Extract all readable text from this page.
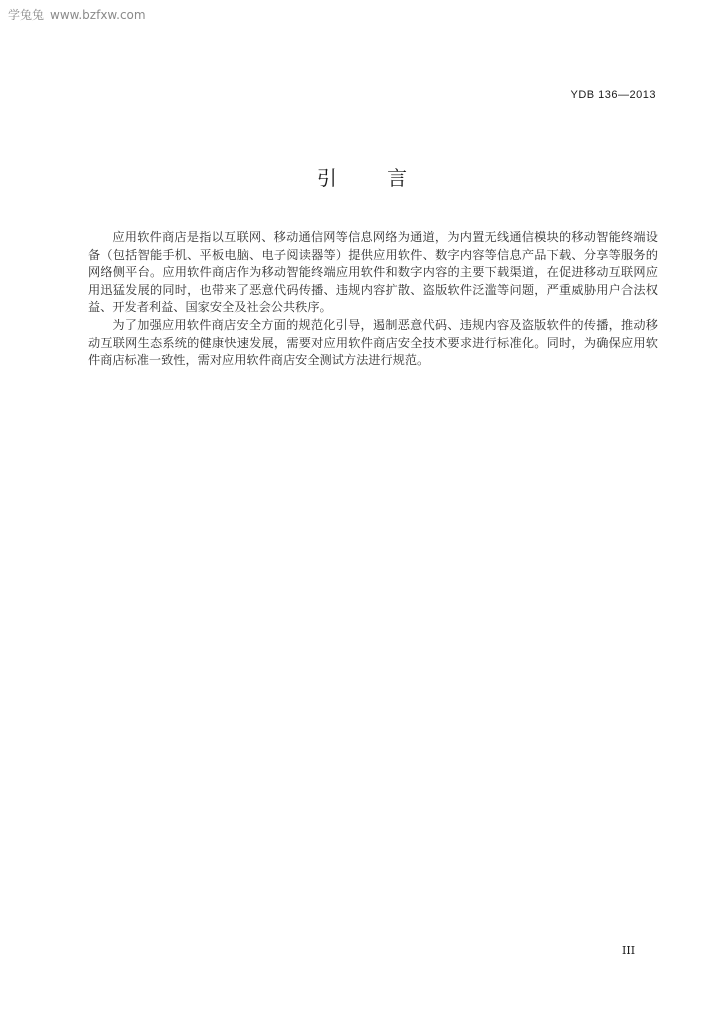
学兔兔 www.bzfxw.com
YDB 136—2013
引 言

应用软件商店是指以互联网、移动通信网等信息网络为通道，为内置无线通信模块的移动智能终端设备（包括智能手机、平板电脑、电子阅读器等）提供应用软件、数字内容等信息产品下载、分享等服务的网络侧平台。应用软件商店作为移动智能终端应用软件和数字内容的主要下载渠道，在促进移动互联网应用迅猛发展的同时，也带来了恶意代码传播、违规内容扩散、盗版软件泛滥等问题，严重威胁用户合法权益、开发者利益、国家安全及社会公共秩序。

为了加强应用软件商店安全方面的规范化引导，遏制恶意代码、违规内容及盗版软件的传播，推动移动互联网生态系统的健康快速发展，需要对应用软件商店安全技术要求进行标准化。同时，为确保应用软件商店标准一致性，需对应用软件商店安全测试方法进行规范。

III
